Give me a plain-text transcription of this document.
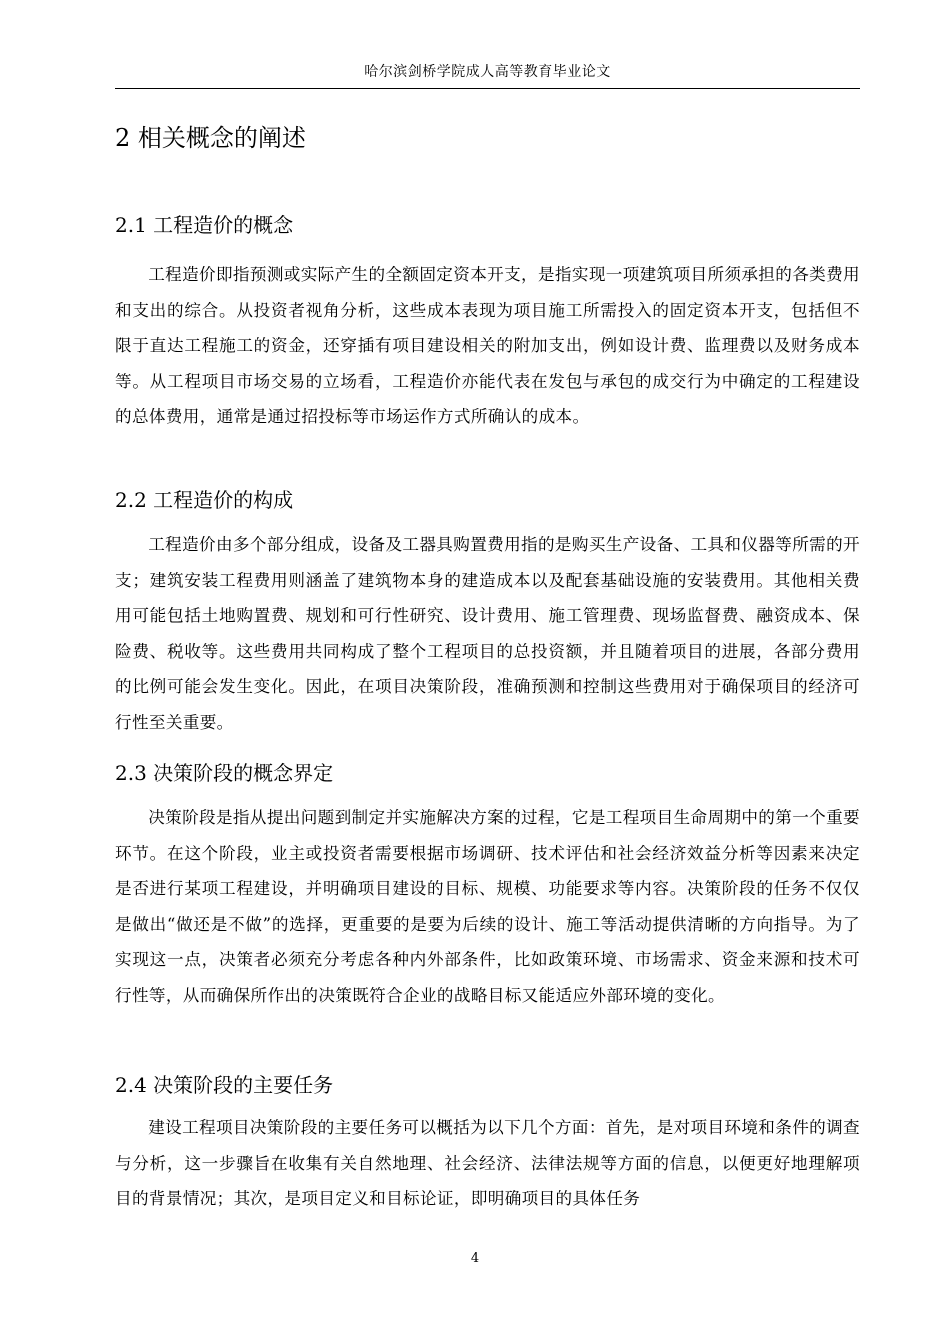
哈尔滨剑桥学院成人高等教育毕业论文
2 相关概念的阐述
2.1 工程造价的概念

工程造价即指预测或实际产生的全额固定资本开支，是指实现一项建筑项目所须承担的各类费用和支出的综合。从投资者视角分析，这些成本表现为项目施工所需投入的固定资本开支，包括但不限于直达工程施工的资金，还穿插有项目建设相关的附加支出，例如设计费、监理费以及财务成本等。从工程项目市场交易的立场看，工程造价亦能代表在发包与承包的成交行为中确定的工程建设的总体费用，通常是通过招投标等市场运作方式所确认的成本。

2.2 工程造价的构成

工程造价由多个部分组成，设备及工器具购置费用指的是购买生产设备、工具和仪器等所需的开支；建筑安装工程费用则涵盖了建筑物本身的建造成本以及配套基础设施的安装费用。其他相关费用可能包括土地购置费、规划和可行性研究、设计费用、施工管理费、现场监督费、融资成本、保险费、税收等。这些费用共同构成了整个工程项目的总投资额，并且随着项目的进展，各部分费用的比例可能会发生变化。因此，在项目决策阶段，准确预测和控制这些费用对于确保项目的经济可行性至关重要。

2.3 决策阶段的概念界定

决策阶段是指从提出问题到制定并实施解决方案的过程，它是工程项目生命周期中的第一个重要环节。在这个阶段，业主或投资者需要根据市场调研、技术评估和社会经济效益分析等因素来决定是否进行某项工程建设，并明确项目建设的目标、规模、功能要求等内容。决策阶段的任务不仅仅是做出“做还是不做”的选择，更重要的是要为后续的设计、施工等活动提供清晰的方向指导。为了实现这一点，决策者必须充分考虑各种内外部条件，比如政策环境、市场需求、资金来源和技术可行性等，从而确保所作出的决策既符合企业的战略目标又能适应外部环境的变化。

2.4 决策阶段的主要任务

建设工程项目决策阶段的主要任务可以概括为以下几个方面：首先，是对项目环境和条件的调查与分析，这一步骤旨在收集有关自然地理、社会经济、法律法规等方面的信息，以便更好地理解项目的背景情况；其次，是项目定义和目标论证，即明确项目的具体任务

4
